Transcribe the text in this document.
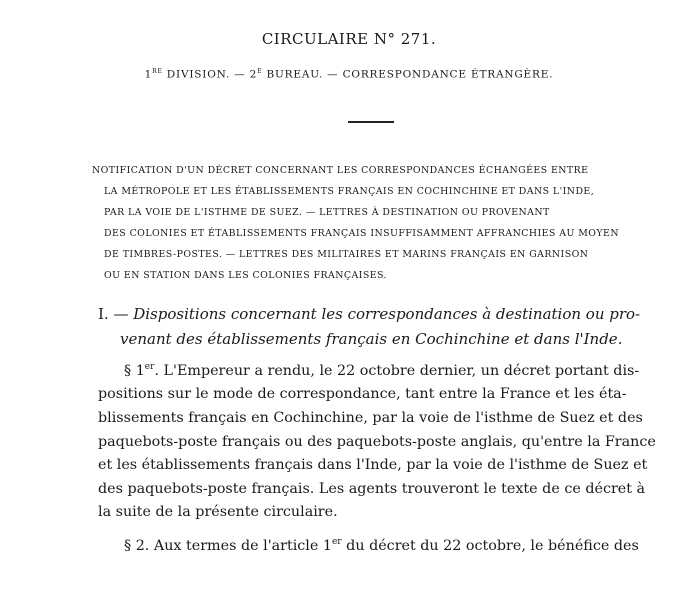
CIRCULAIRE N° 271.
1re DIVISION. — 2e BUREAU. — CORRESPONDANCE ÉTRANGÈRE.
NOTIFICATION D'UN DÉCRET CONCERNANT LES CORRESPONDANCES ÉCHANGÉES ENTRE
LA MÉTROPOLE ET LES ÉTABLISSEMENTS FRANÇAIS EN COCHINCHINE ET DANS L'INDE,
PAR LA VOIE DE L'ISTHME DE SUEZ. — LETTRES À DESTINATION OU PROVENANT
DES COLONIES ET ÉTABLISSEMENTS FRANÇAIS INSUFFISAMMENT AFFRANCHIES AU MOYEN
DE TIMBRES-POSTES. — LETTRES DES MILITAIRES ET MARINS FRANÇAIS EN GARNISON
OU EN STATION DANS LES COLONIES FRANÇAISES.
I. — Dispositions concernant les correspondances à destination ou pro-
venant des établissements français en Cochinchine et dans l'Inde.
§ 1er. L'Empereur a rendu, le 22 octobre dernier, un décret portant dis-
positions sur le mode de correspondance, tant entre la France et les éta-
blissements français en Cochinchine, par la voie de l'isthme de Suez et des
paquebots-poste français ou des paquebots-poste anglais, qu'entre la France
et les établissements français dans l'Inde, par la voie de l'isthme de Suez et
des paquebots-poste français. Les agents trouveront le texte de ce décret à
la suite de la présente circulaire.
§ 2. Aux termes de l'article 1er du décret du 22 octobre, le bénéfice des
